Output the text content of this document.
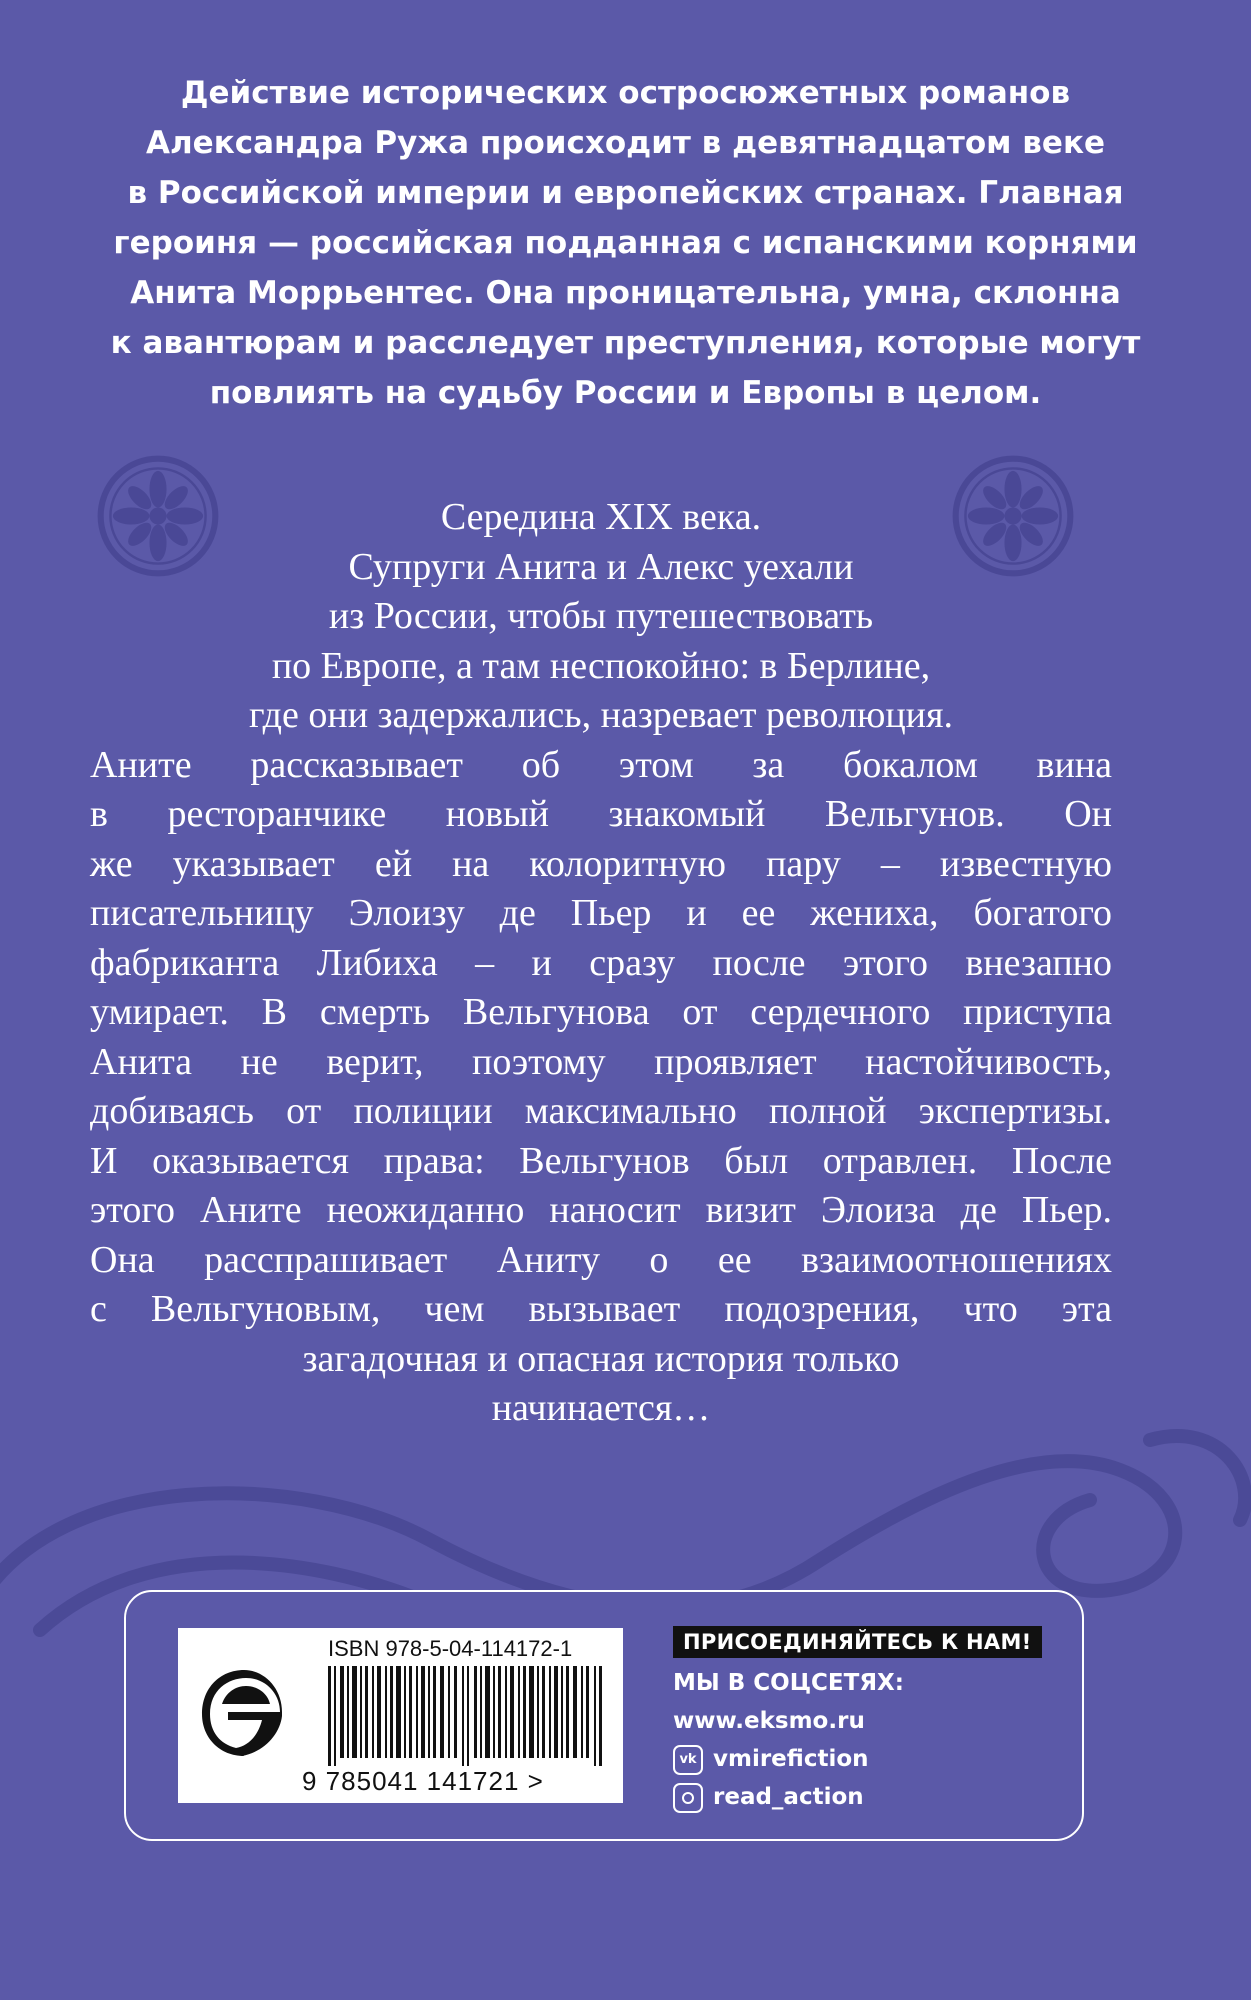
Действие исторических остросюжетных романов
Александра Ружа происходит в девятнадцатом веке
в Российской империи и европейских странах. Главная
героиня — российская подданная с испанскими корнями
Анита Моррьентес. Она проницательна, умна, склонна
к авантюрам и расследует преступления, которые могут
повлиять на судьбу России и Европы в целом.
Середина XIX века.
Супруги Анита и Алекс уехали
из России, чтобы путешествовать
по Европе, а там неспокойно: в Берлине,
где они задержались, назревает революция.
Аните рассказывает об этом за бокалом вина
в ресторанчике новый знакомый Вельгунов. Он
же указывает ей на колоритную пару – известную
писательницу Элоизу де Пьер и ее жениха, богатого
фабриканта Либиха – и сразу после этого внезапно
умирает. В смерть Вельгунова от сердечного приступа
Анита не верит, поэтому проявляет настойчивость,
добиваясь от полиции максимально полной экспертизы.
И оказывается права: Вельгунов был отравлен. После
этого Аните неожиданно наносит визит Элоиза де Пьер.
Она расспрашивает Аниту о ее взаимоотношениях
с Вельгуновым, чем вызывает подозрения, что эта
загадочная и опасная история только
начинается…
ISBN 978-5-04-114172-1
9 785041 141721 >
ПРИСОЕДИНЯЙТЕСЬ К НАМ!
МЫ В СОЦСЕТЯХ:
www.eksmo.ru
vk vmirefiction
read_action
